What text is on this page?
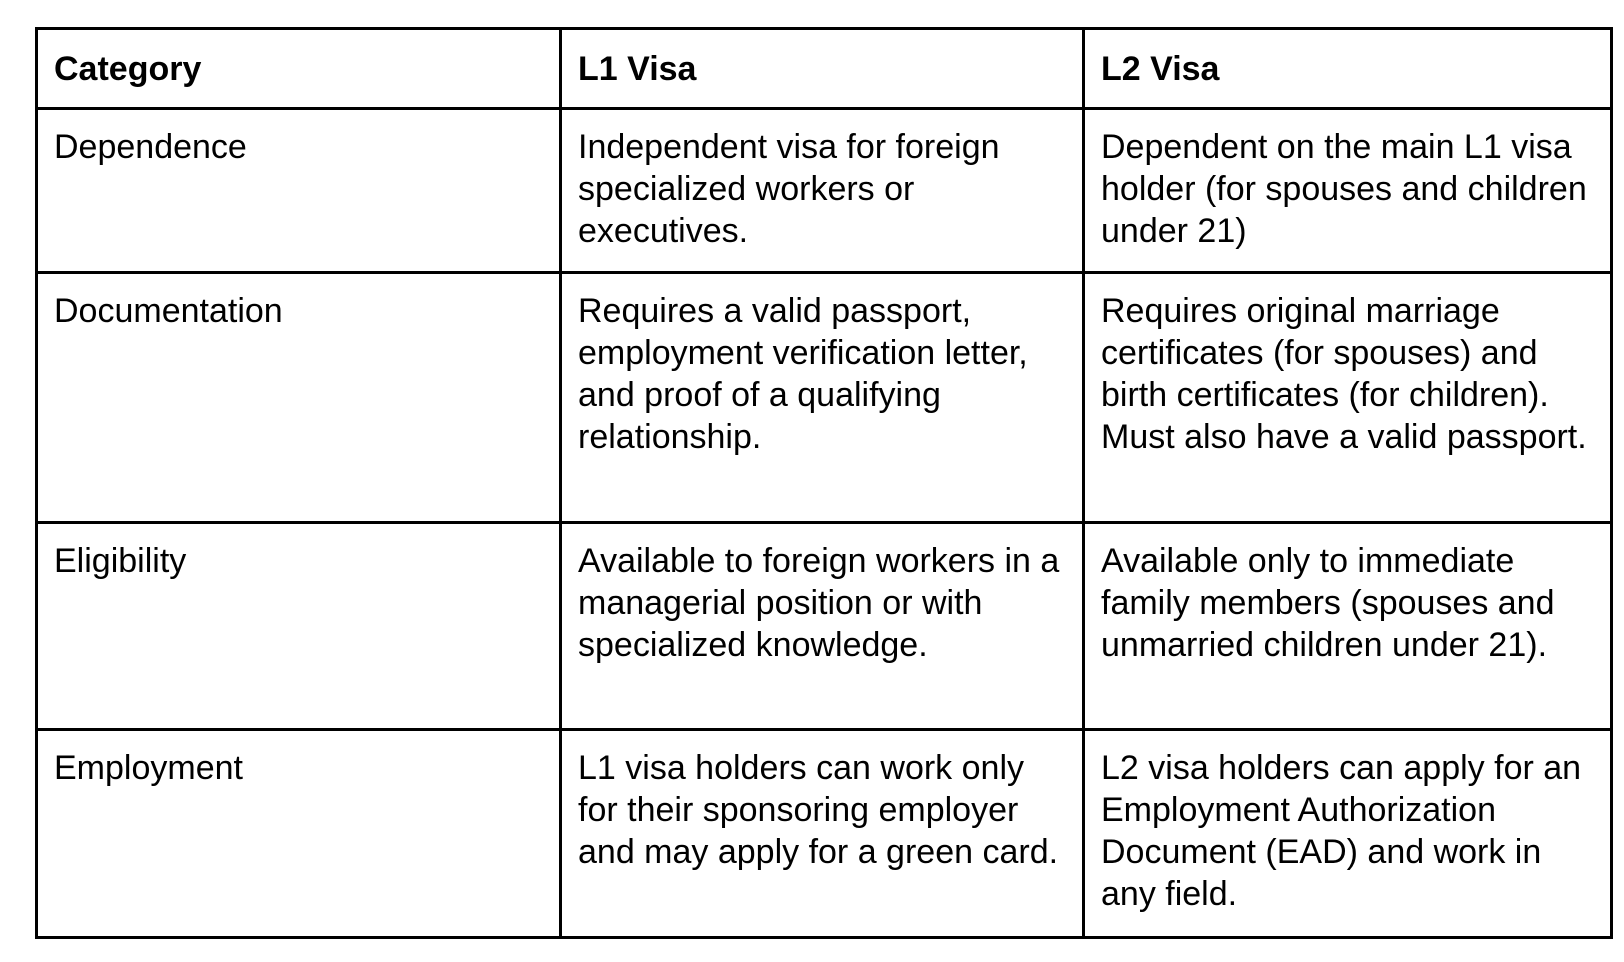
Category	L1 Visa	L2 Visa
Dependence	Independent visa for foreign specialized workers or executives.	Dependent on the main L1 visa holder (for spouses and children under 21)
Documentation	Requires a valid passport, employment verification letter, and proof of a qualifying relationship.	Requires original marriage certificates (for spouses) and birth certificates (for children). Must also have a valid passport.
Eligibility	Available to foreign workers in a managerial position or with specialized knowledge.	Available only to immediate family members (spouses and unmarried children under 21).
Employment	L1 visa holders can work only for their sponsoring employer and may apply for a green card.	L2 visa holders can apply for an Employment Authorization Document (EAD) and work in any field.
